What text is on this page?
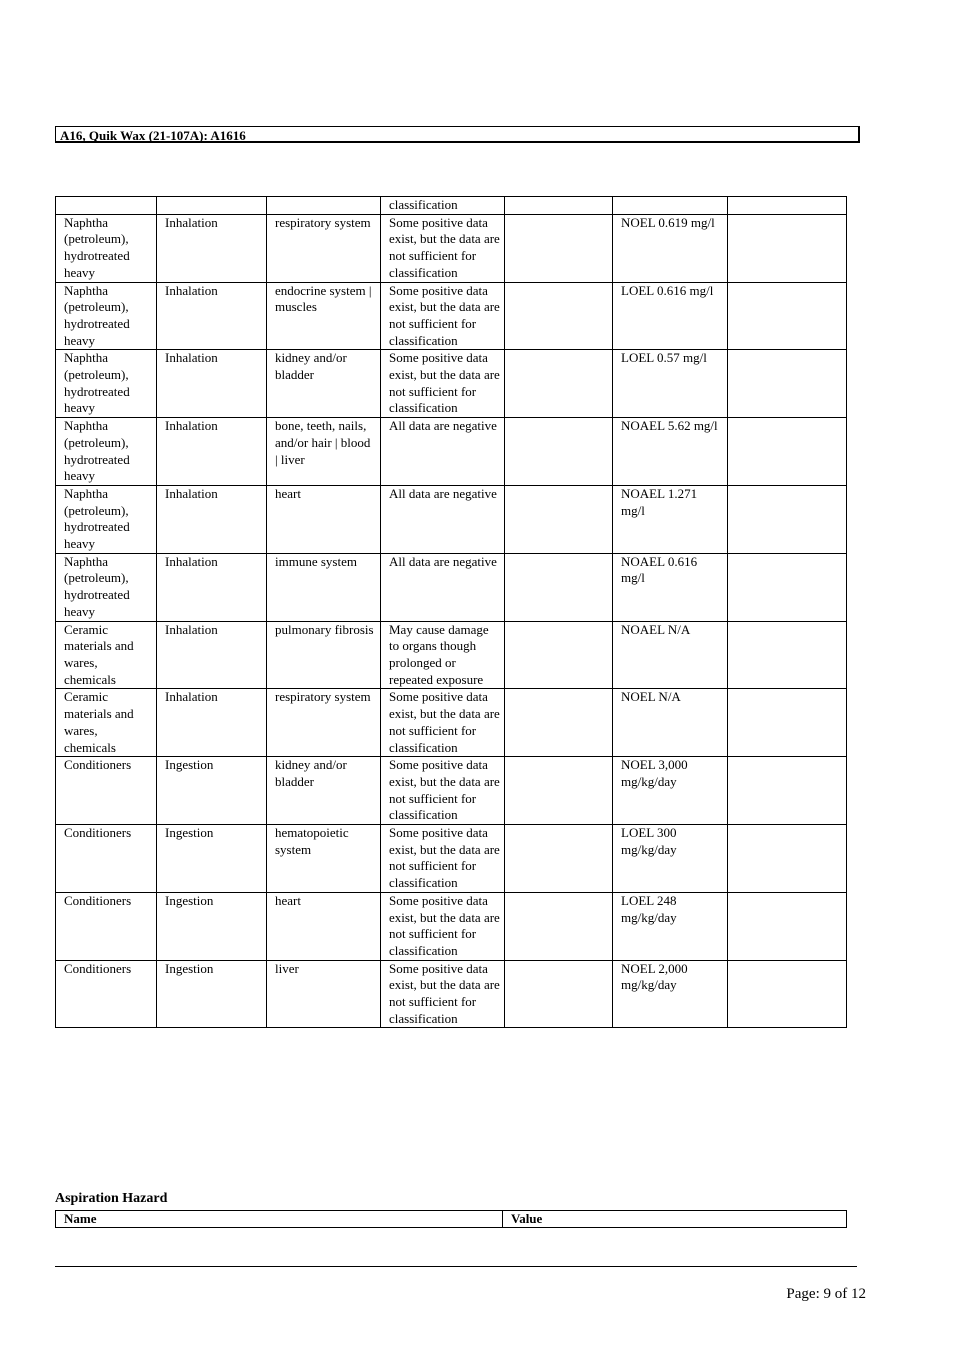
A16, Quik Wax (21-107A): A1616
			classification			
Naphtha (petroleum), hydrotreated heavy	Inhalation	respiratory system	Some positive data exist, but the data are not sufficient for classification		NOEL 0.619 mg/l	
Naphtha (petroleum), hydrotreated heavy	Inhalation	endocrine system | muscles	Some positive data exist, but the data are not sufficient for classification		LOEL 0.616 mg/l	
Naphtha (petroleum), hydrotreated heavy	Inhalation	kidney and/or bladder	Some positive data exist, but the data are not sufficient for classification		LOEL 0.57 mg/l	
Naphtha (petroleum), hydrotreated heavy	Inhalation	bone, teeth, nails, and/or hair | blood | liver	All data are negative		NOAEL 5.62 mg/l	
Naphtha (petroleum), hydrotreated heavy	Inhalation	heart	All data are negative		NOAEL 1.271 mg/l	
Naphtha (petroleum), hydrotreated heavy	Inhalation	immune system	All data are negative		NOAEL 0.616 mg/l	
Ceramic materials and wares, chemicals	Inhalation	pulmonary fibrosis	May cause damage to organs though prolonged or repeated exposure		NOAEL N/A	
Ceramic materials and wares, chemicals	Inhalation	respiratory system	Some positive data exist, but the data are not sufficient for classification		NOEL N/A	
Conditioners	Ingestion	kidney and/or bladder	Some positive data exist, but the data are not sufficient for classification		NOEL 3,000 mg/kg/day	
Conditioners	Ingestion	hematopoietic system	Some positive data exist, but the data are not sufficient for classification		LOEL 300 mg/kg/day	
Conditioners	Ingestion	heart	Some positive data exist, but the data are not sufficient for classification		LOEL 248 mg/kg/day	
Conditioners	Ingestion	liver	Some positive data exist, but the data are not sufficient for classification		NOEL 2,000 mg/kg/day	
Aspiration Hazard
Name	Value
Page: 9 of 12
